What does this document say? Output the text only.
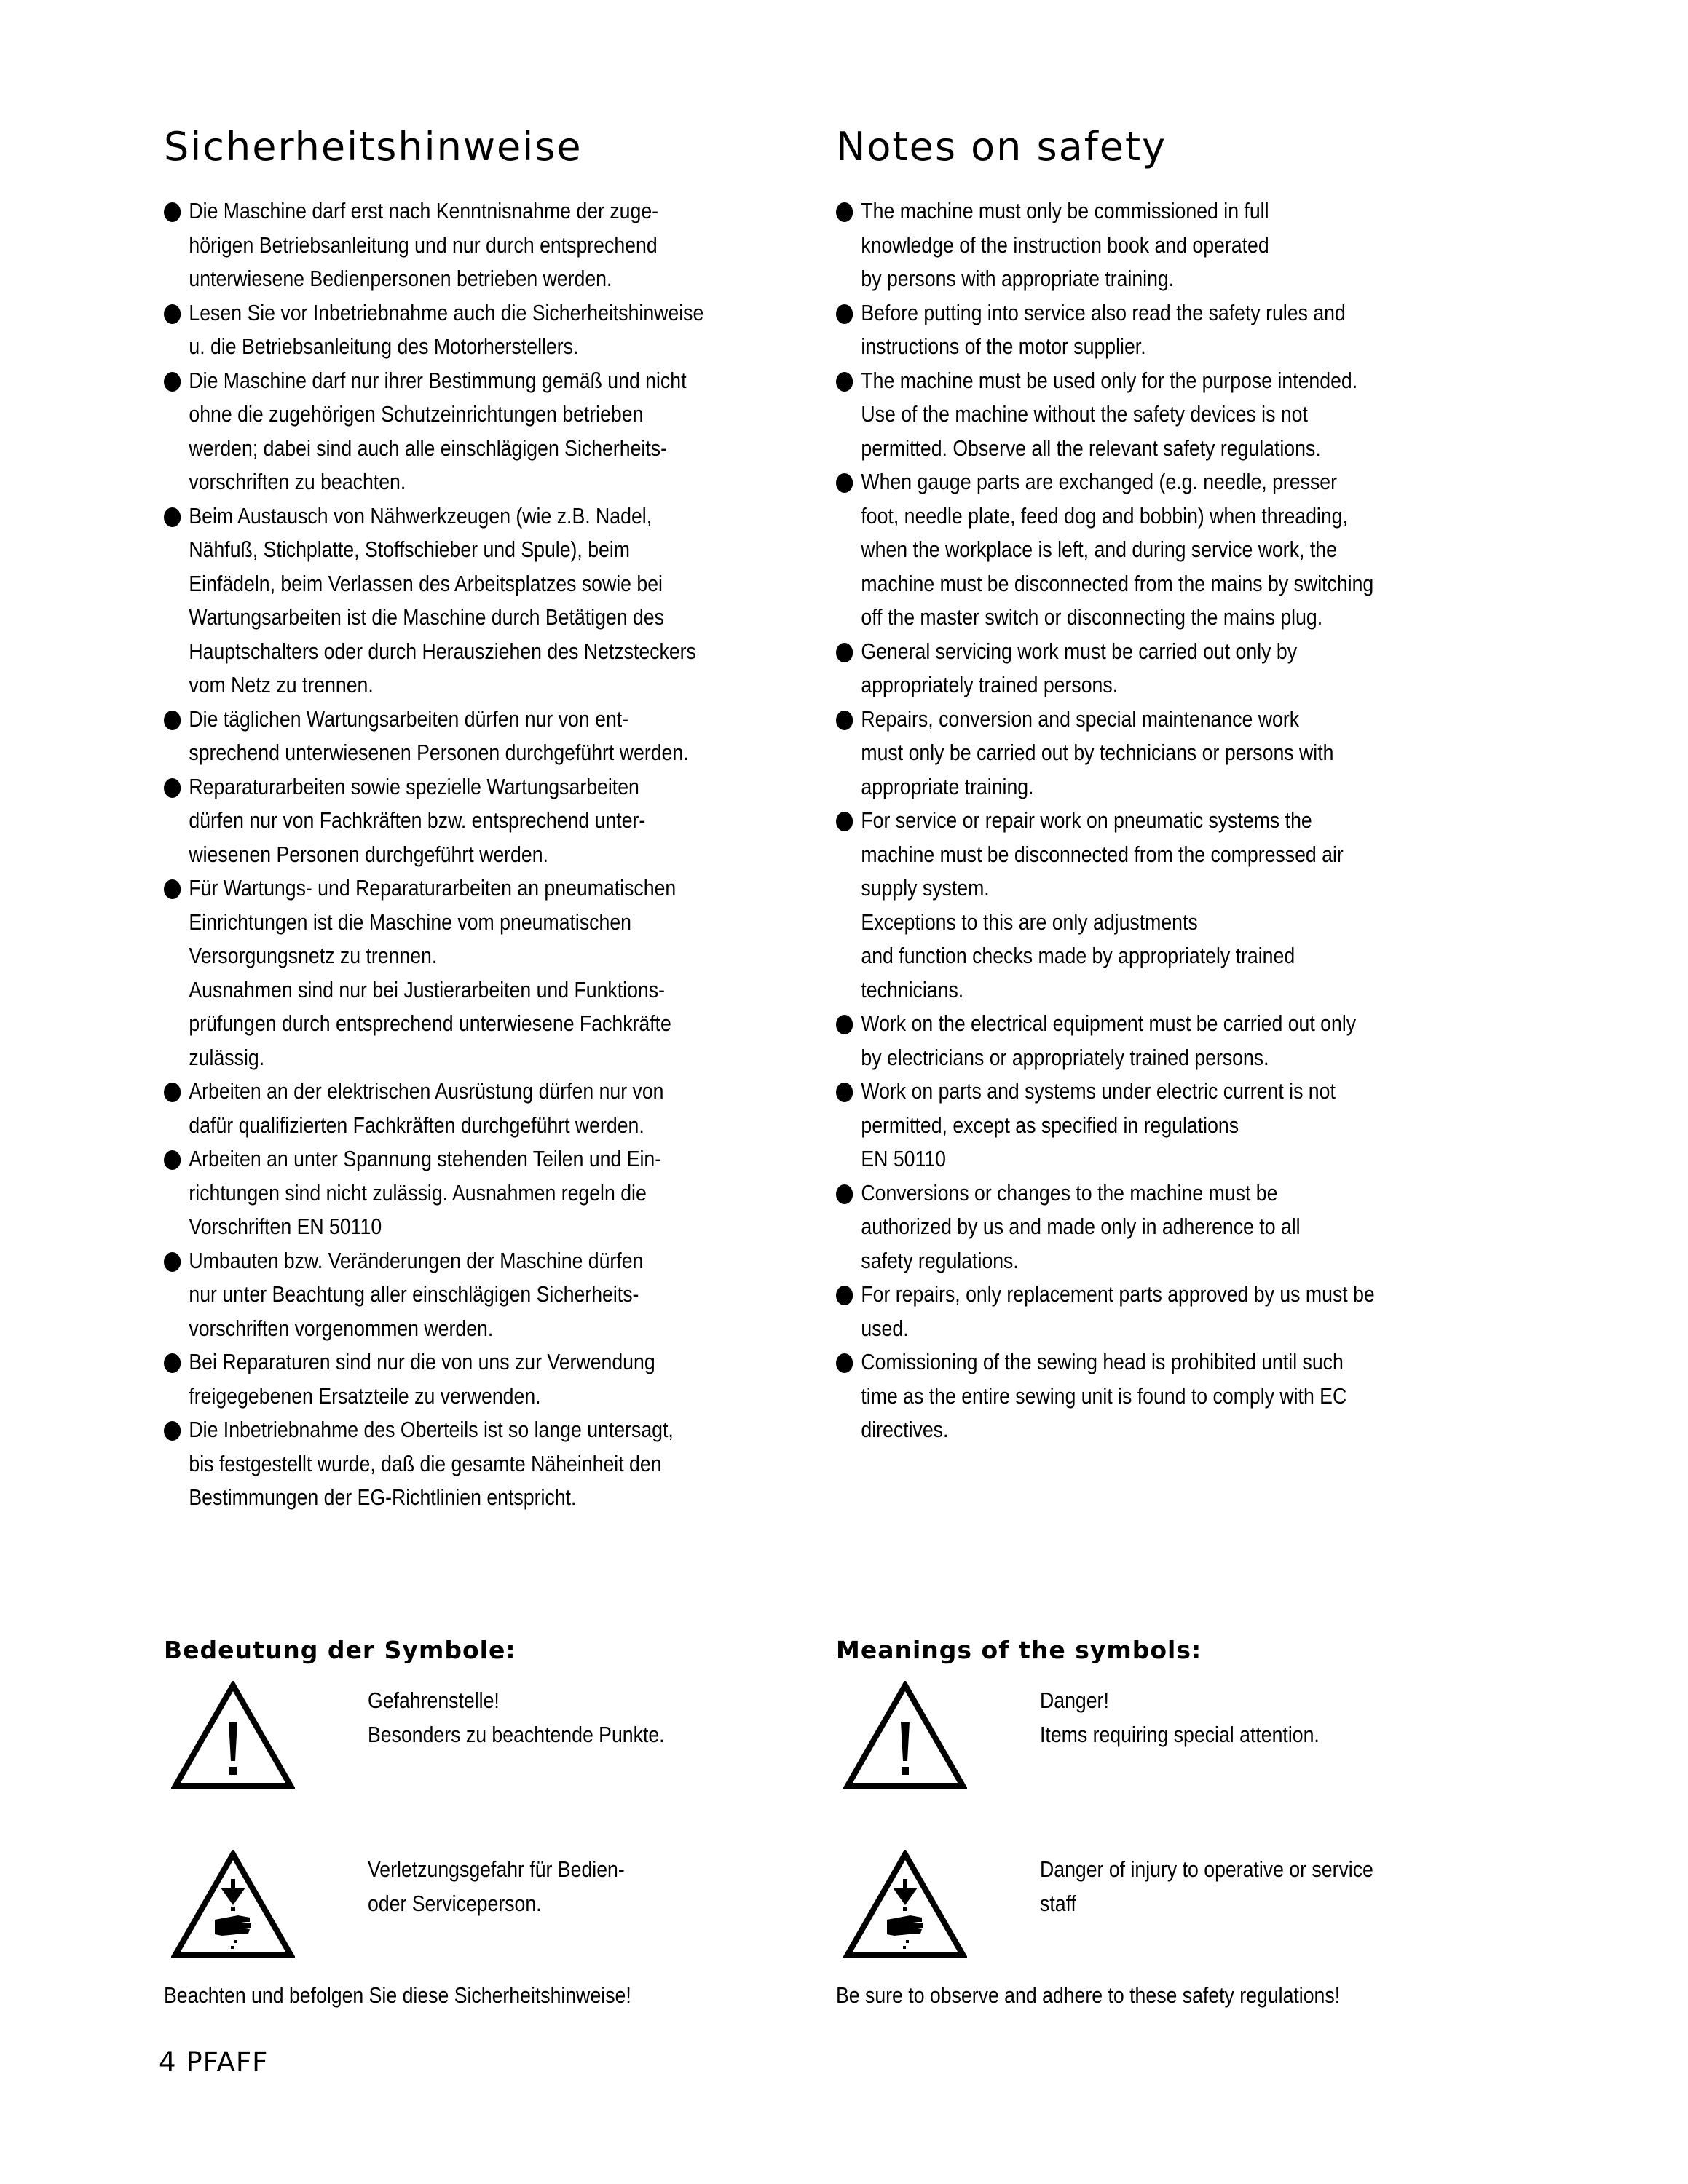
Sicherheitshinweise
Die Maschine darf erst nach Kenntnisnahme der zuge-
hörigen Betriebsanleitung und nur durch entsprechend
unterwiesene Bedienpersonen betrieben werden.
Lesen Sie vor Inbetriebnahme auch die Sicherheitshinweise
u. die Betriebsanleitung des Motorherstellers.
Die Maschine darf nur ihrer Bestimmung gemäß und nicht
ohne die zugehörigen Schutzeinrichtungen betrieben
werden; dabei sind auch alle einschlägigen Sicherheits-
vorschriften zu beachten.
Beim Austausch von Nähwerkzeugen (wie z.B. Nadel,
Nähfuß, Stichplatte, Stoffschieber und Spule), beim
Einfädeln, beim Verlassen des Arbeitsplatzes sowie bei
Wartungsarbeiten ist die Maschine durch Betätigen des
Hauptschalters oder durch Herausziehen des Netzsteckers
vom Netz zu trennen.
Die täglichen Wartungsarbeiten dürfen nur von ent-
sprechend unterwiesenen Personen durchgeführt werden.
Reparaturarbeiten sowie spezielle Wartungsarbeiten
dürfen nur von Fachkräften bzw. entsprechend unter-
wiesenen Personen durchgeführt werden.
Für Wartungs- und Reparaturarbeiten an pneumatischen
Einrichtungen ist die Maschine vom pneumatischen
Versorgungsnetz zu trennen.
Ausnahmen sind nur bei Justierarbeiten und Funktions-
prüfungen durch entsprechend unterwiesene Fachkräfte
zulässig.
Arbeiten an der elektrischen Ausrüstung dürfen nur von
dafür qualifizierten Fachkräften durchgeführt werden.
Arbeiten an unter Spannung stehenden Teilen und Ein-
richtungen sind nicht zulässig. Ausnahmen regeln die
Vorschriften EN 50110
Umbauten bzw. Veränderungen der Maschine dürfen
nur unter Beachtung aller einschlägigen Sicherheits-
vorschriften vorgenommen werden.
Bei Reparaturen sind nur die von uns zur Verwendung
freigegebenen Ersatzteile zu verwenden.
Die Inbetriebnahme des Oberteils ist so lange untersagt,
bis festgestellt wurde, daß die gesamte Näheinheit den
Bestimmungen der EG-Richtlinien entspricht.
Notes on safety
The machine must only be commissioned in full
knowledge of the instruction book and operated
by persons with appropriate training.
Before putting into service also read the safety rules and
instructions of the motor supplier.
The machine must be used only for the purpose intended.
Use of the machine without the safety devices is not
permitted. Observe all the relevant safety regulations.
When gauge parts are exchanged (e.g. needle, presser
foot, needle plate, feed dog and bobbin) when threading,
when the workplace is left, and during service work, the
machine must be disconnected from the mains by switching
off the master switch or disconnecting the mains plug.
General servicing work must be carried out only by
appropriately trained persons.
Repairs, conversion and special maintenance work
must only be carried out by technicians or persons with
appropriate training.
For service or repair work on pneumatic systems the
machine must be disconnected from the compressed air
supply system.
Exceptions to this are only adjustments
and function checks made by appropriately trained
technicians.
Work on the electrical equipment must be carried out only
by electricians or appropriately trained persons.
Work on parts and systems under electric current is not
permitted, except as specified in regulations
EN 50110
Conversions or changes to the machine must be
authorized by us and made only in adherence to all
safety regulations.
For repairs, only replacement parts approved by us must be
used.
Comissioning of the sewing head is prohibited until such
time as the entire sewing unit is found to comply with EC
directives.
Bedeutung der Symbole:
Gefahrenstelle!
Besonders zu beachtende Punkte.
Verletzungsgefahr für Bedien-
oder Serviceperson.
Meanings of the symbols:
Danger!
Items requiring special attention.
Danger of injury to operative or service
staff
Beachten und befolgen Sie diese Sicherheitshinweise!	Be sure to observe and adhere to these safety regulations!
4 PFAFF
